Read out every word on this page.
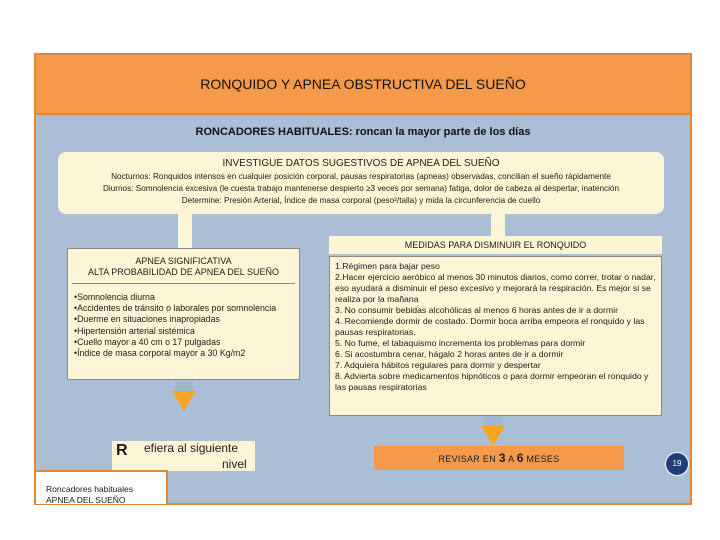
RONQUIDO Y APNEA OBSTRUCTIVA DEL SUEÑO
RONCADORES HABITUALES: roncan la mayor parte de los días
INVESTIGUE DATOS SUGESTIVOS DE APNEA DEL SUEÑO
Nocturnos: Ronquidos intensos en cualquier posición corporal, pausas respiratorias (apneas) observadas, concilian el sueño rápidamente
Diurnos: Somnolencia excesiva (le cuesta trabajo mantenerse despierto ≥3 veces por semana) fatiga, dolor de cabeza al despertar, inatención
Determine: Presión Arterial, Índice de masa corporal (peso²/talla) y mida la circunferencia de cuello
MEDIDAS PARA DISMINUIR EL RONQUIDO
APNEA SIGNIFICATIVA
ALTA PROBABILIDAD DE APNEA DEL SUEÑO
•Somnolencia diurna
•Accidentes de tránsito o laborales por somnolencia
•Duerme en situaciones inapropiadas
•Hipertensión arterial sistémica
•Cuello mayor a 40 cm o 17 pulgadas
•Índice de masa corporal mayor a 30 Kg/m2
1.Régimen para bajar peso
2.Hacer ejercicio aeróbico al menos 30 minutos diarios, como correr, trotar o nadar, eso ayudará a disminuir el peso excesivo y mejorará la respiración. Es mejor si se realiza por la mañana
3. No consumir bebidas alcohólicas al menos 6 horas antes de ir a dormir
4. Recomiende dormir de costado. Dormir boca arriba empeora el ronquido y las pausas respiratorias.
5. No fume, el tabaquismo incrementa los problemas para dormir
6. Si acostumbra cenar, hágalo 2 horas antes de ir a dormir
7. Adquiera hábitos regulares para dormir y despertar
8. Advierta sobre medicamentos hipnóticos o para dormir empeoran el ronquido y las pausas respiratorias
R efiera al siguiente
nivel	REVISAR EN 3 A 6 MESES
Roncadores habituales
APNEA DEL SUEÑO
19
